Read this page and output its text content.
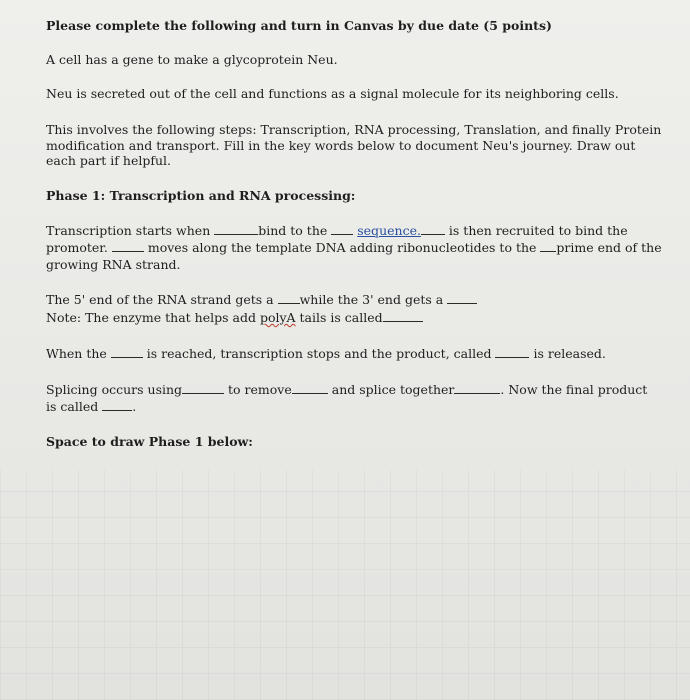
Please complete the following and turn in Canvas by due date (5 points)
A cell has a gene to make a glycoprotein Neu.
Neu is secreted out of the cell and functions as a signal molecule for its neighboring cells.
This involves the following steps: Transcription, RNA processing, Translation, and finally Protein
modification and transport. Fill in the key words below to document Neu's journey. Draw out
each part if helpful.
Phase 1: Transcription and RNA processing:
Transcription starts when	bind to the sequence. is then recruited to bind the
promoter.	moves along the template DNA adding ribonucleotides to the prime end of the
growing RNA strand.
The 5' end of the RNA strand gets a while the 3' end gets a
Note: The enzyme that helps add polyA tails is called
When the	is reached, transcription stops and the product, called	is released.
Splicing occurs using	to remove	and splice together	. Now the final product
is called	.
Space to draw Phase 1 below:
